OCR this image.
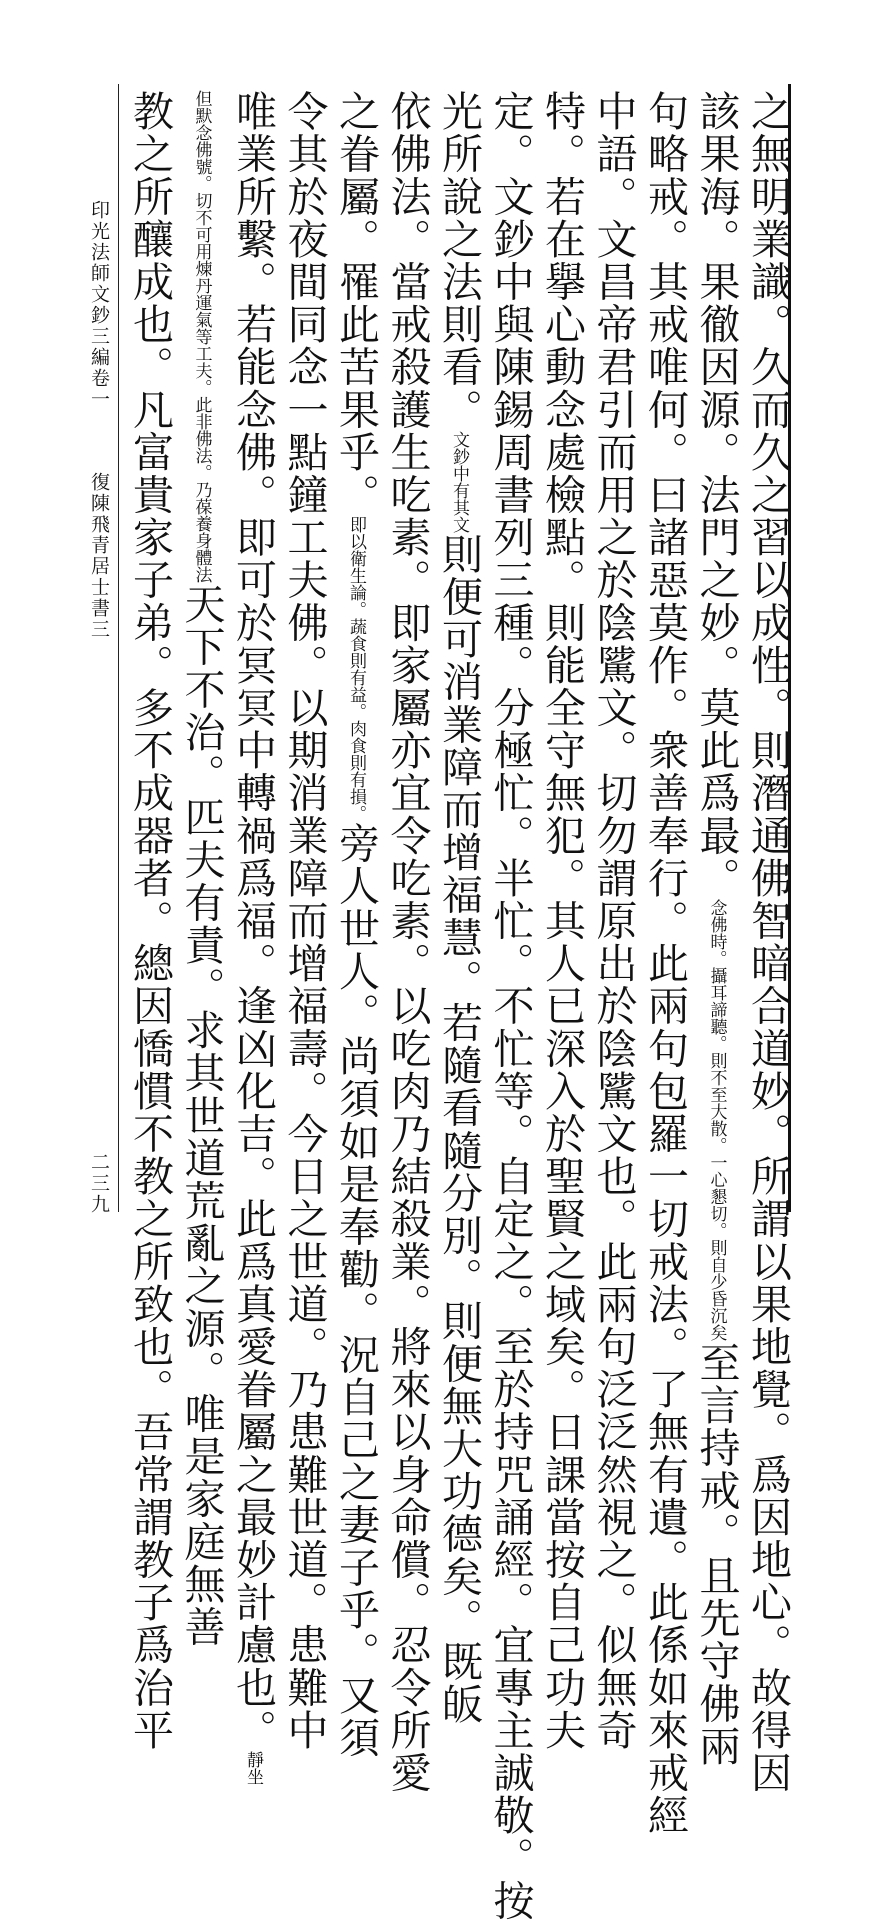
印光法師文鈔三編卷一
復陳飛青居士書三
二三九	之無明業識。久而久之習以成性。則潛通佛智暗合道妙。所謂以果地覺。爲因地心。故得因
該果海。果徹因源。法門之妙。莫此爲最。念佛時。攝耳諦聽。則不至大散。一心懇切。則自少昏沉矣至言持戒。且先守佛兩
句略戒。其戒唯何。曰諸惡莫作。衆善奉行。此兩句包羅一切戒法。了無有遺。此係如來戒經
中語。文昌帝君引而用之於陰騭文。切勿謂原出於陰騭文也。此兩句泛泛然視之。似無奇
特。若在擧心動念處檢點。則能全守無犯。其人已深入於聖賢之域矣。日課當按自己功夫
定。文鈔中與陳錫周書列三種。分極忙。半忙。不忙等。自定之。至於持咒誦經。宜專主誠敬。按
光所說之法則看。文鈔中有其文則便可消業障而增福慧。若隨看隨分別。則便無大功德矣。既皈
依佛法。當戒殺護生吃素。即家屬亦宜令吃素。以吃肉乃結殺業。將來以身命償。忍令所愛
之眷屬。罹此苦果乎。即以衛生論。蔬食則有益。肉食則有損。旁人世人。尚須如是奉勸。況自己之妻子乎。又須
令其於夜間同念一點鐘工夫佛。以期消業障而增福壽。今日之世道。乃患難世道。患難中
唯業所繫。若能念佛。即可於冥冥中轉禍爲福。逢凶化吉。此爲真愛眷屬之最妙計慮也。靜坐
但默念佛號。切不可用煉丹運氣等工夫。此非佛法。乃葆養身體法天下不治。匹夫有責。求其世道荒亂之源。唯是家庭無善
教之所釀成也。凡富貴家子弟。多不成器者。總因憍慣不教之所致也。吾常謂教子爲治平
